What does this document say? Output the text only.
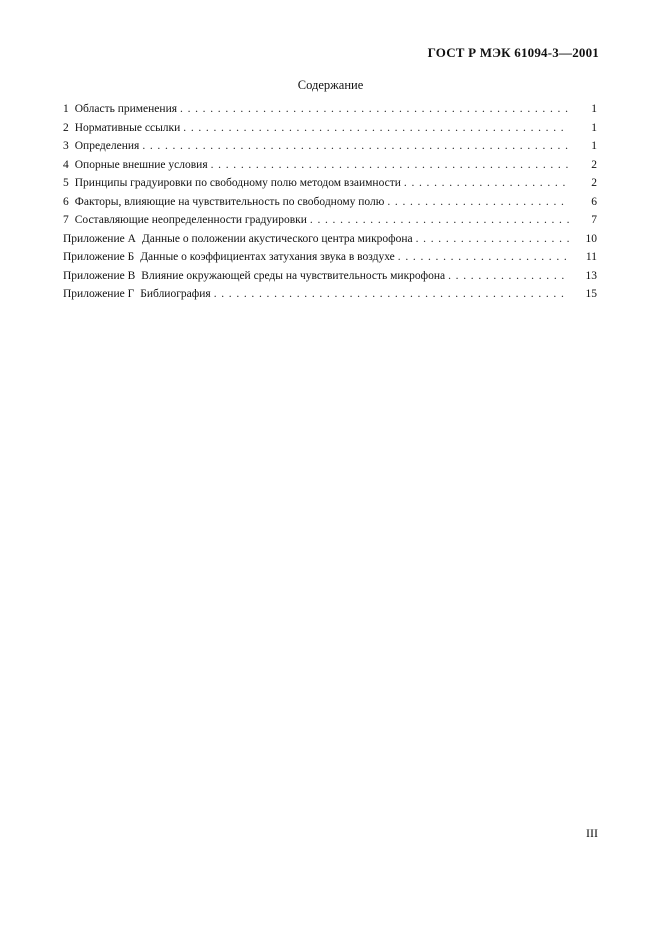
ГОСТ Р МЭК 61094-3—2001
Содержание
1 Область применения . . .	1
2 Нормативные ссылки . . .	1
3 Определения . . .	1
4 Опорные внешние условия . . .	2
5 Принципы градуировки по свободному полю методом взаимности . . .	2
6 Факторы, влияющие на чувствительность по свободному полю . . .	6
7 Составляющие неопределенности градуировки . . .	7
Приложение А Данные о положении акустического центра микрофона . . .	10
Приложение Б Данные о коэффициентах затухания звука в воздухе . . .	11
Приложение В Влияние окружающей среды на чувствительность микрофона . . .	13
Приложение Г Библиография . . .	15
III
